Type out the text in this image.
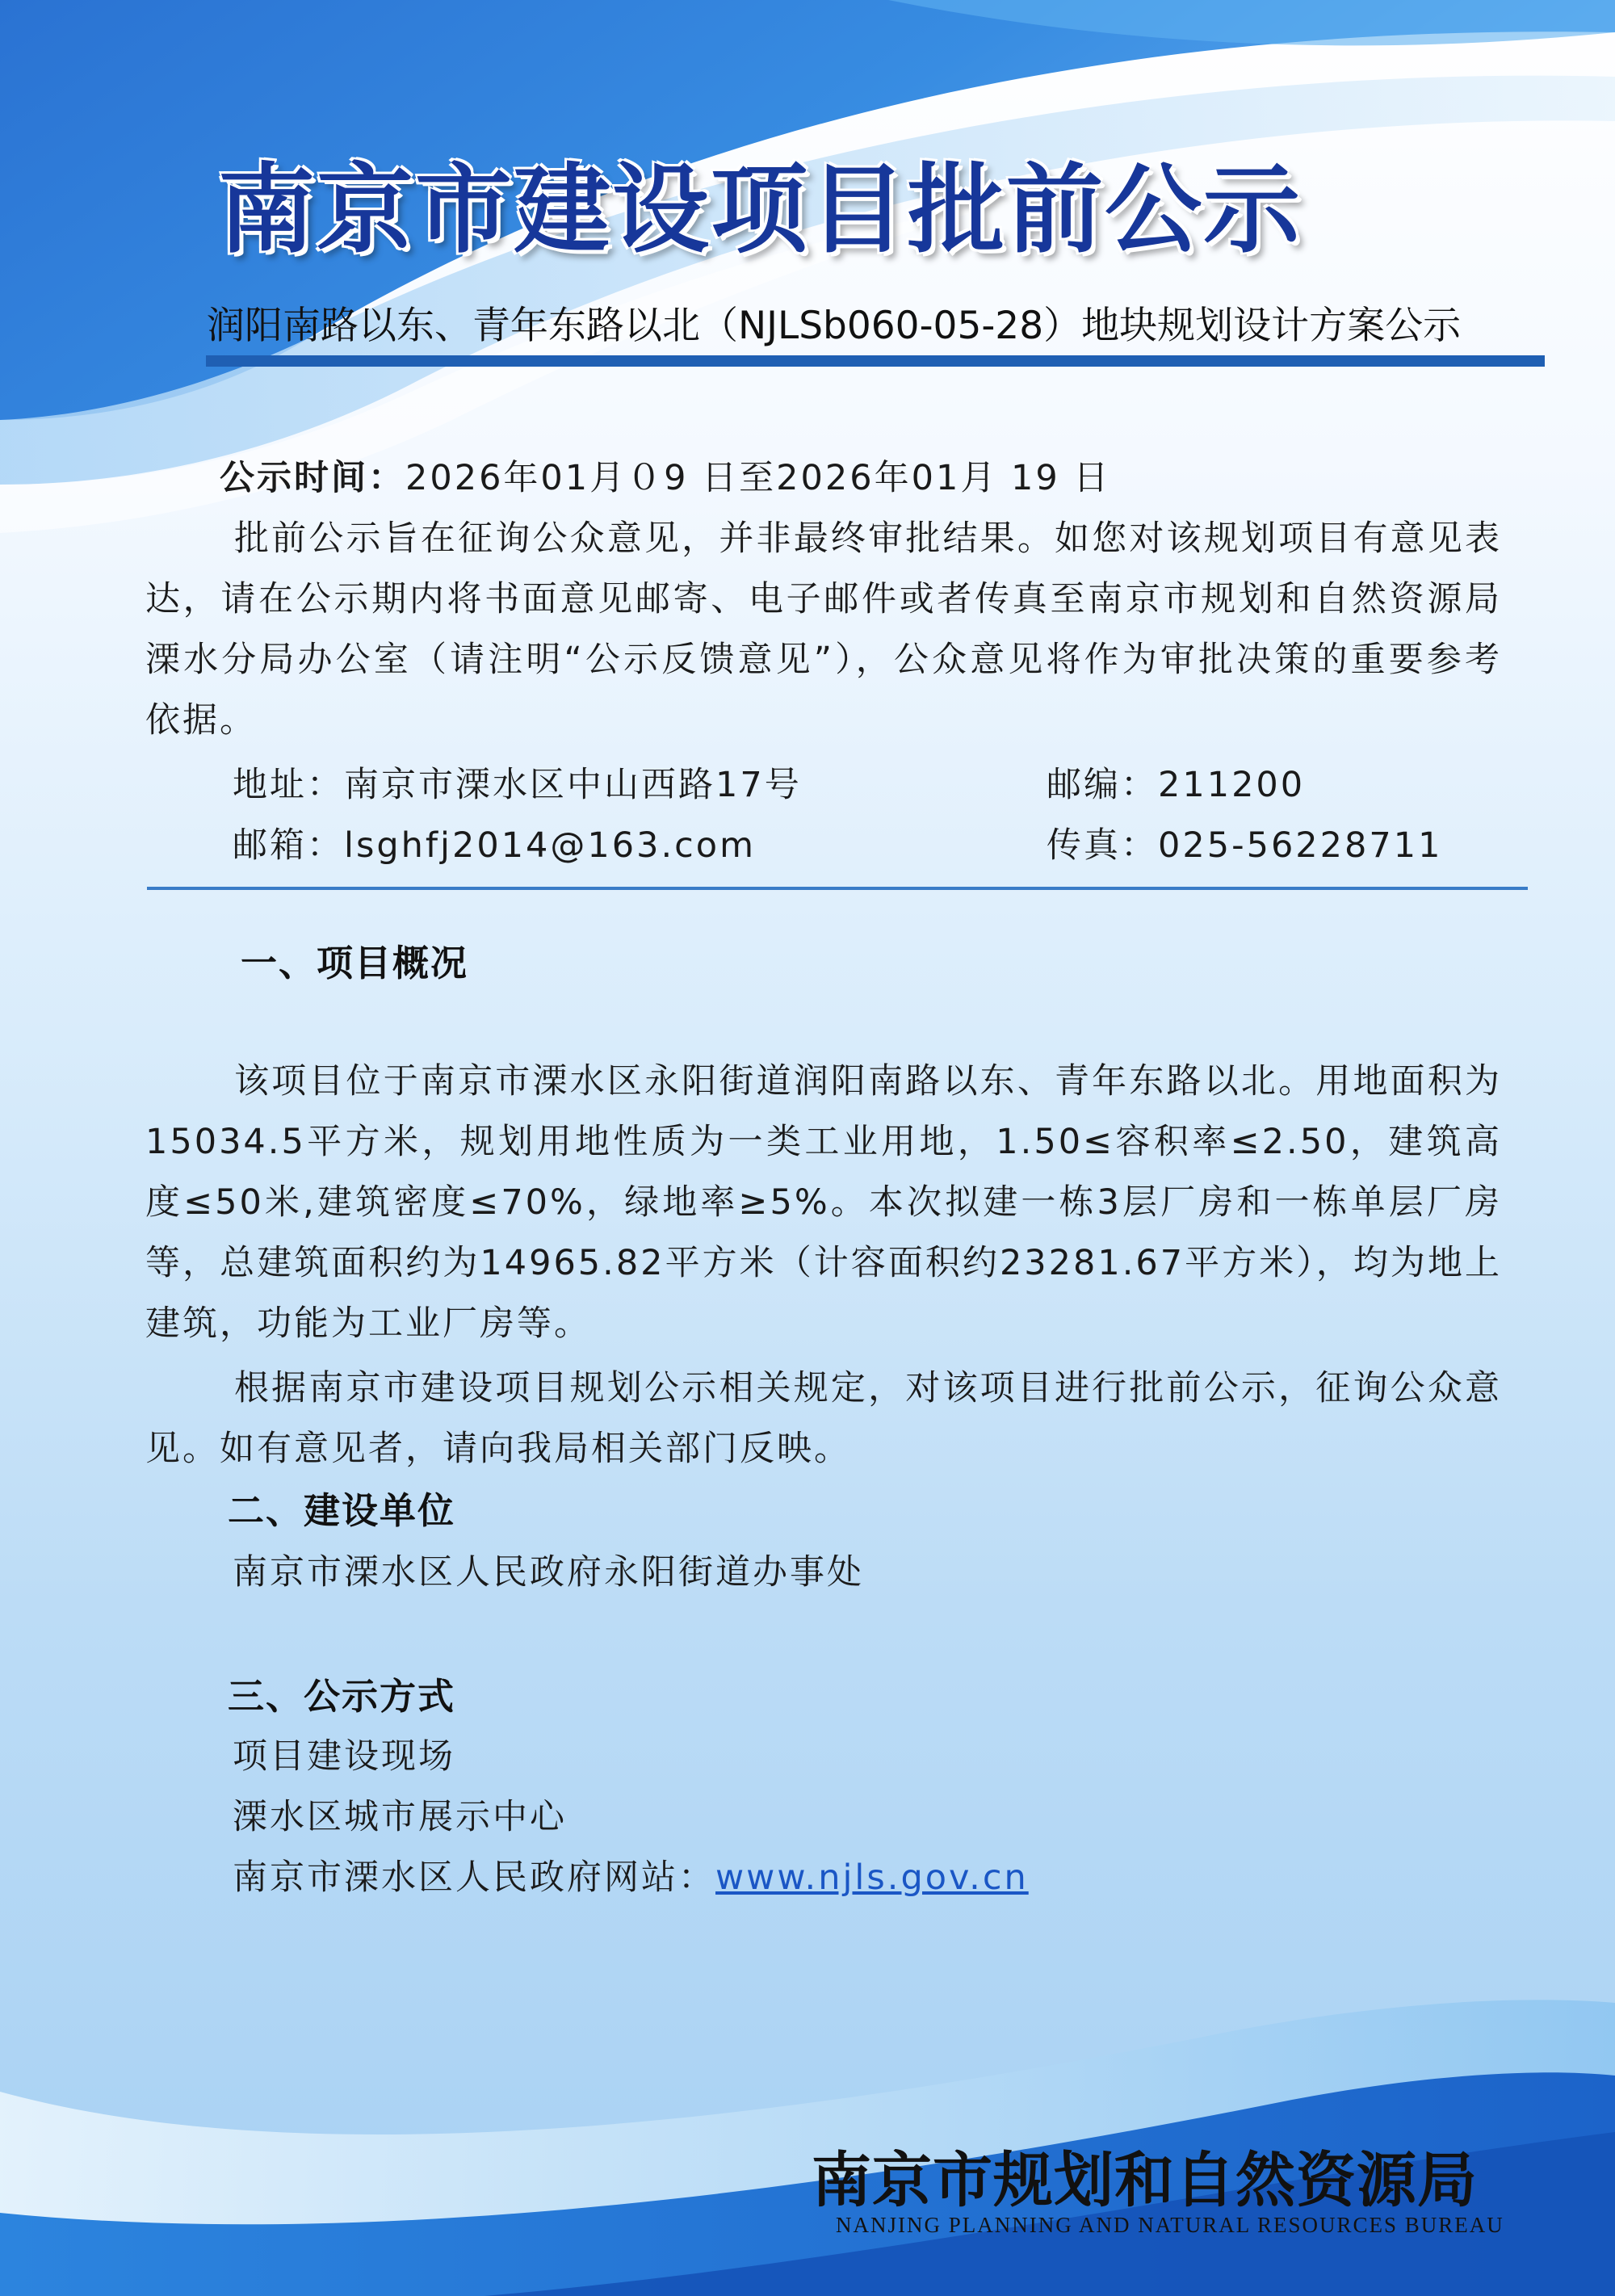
南京市建设项目批前公示
润阳南路以东、青年东路以北（NJLSb060-05-28）地块规划设计方案公示
公示时间：2026年01月０9 日至2026年01月 19 日
批前公示旨在征询公众意见，并非最终审批结果。如您对该规划项目有意见表达，请在公示期内将书面意见邮寄、电子邮件或者传真至南京市规划和自然资源局溧水分局办公室（请注明“公示反馈意见”），公众意见将作为审批决策的重要参考依据。
地址：南京市溧水区中山西路17号	邮编：211200
邮箱：lsghfj2014@163.com	传真：025-56228711
一、项目概况
该项目位于南京市溧水区永阳街道润阳南路以东、青年东路以北。用地面积为15034.5平方米，规划用地性质为一类工业用地，1.50≤容积率≤2.50，建筑高度≤50米,建筑密度≤70%，绿地率≥5%。本次拟建一栋3层厂房和一栋单层厂房等，总建筑面积约为14965.82平方米（计容面积约23281.67平方米），均为地上建筑，功能为工业厂房等。
根据南京市建设项目规划公示相关规定，对该项目进行批前公示，征询公众意见。如有意见者，请向我局相关部门反映。
二、建设单位
南京市溧水区人民政府永阳街道办事处
三、公示方式
项目建设现场
溧水区城市展示中心
南京市溧水区人民政府网站：www.njls.gov.cn
南京市规划和自然资源局
NANJING PLANNING AND NATURAL RESOURCES BUREAU
